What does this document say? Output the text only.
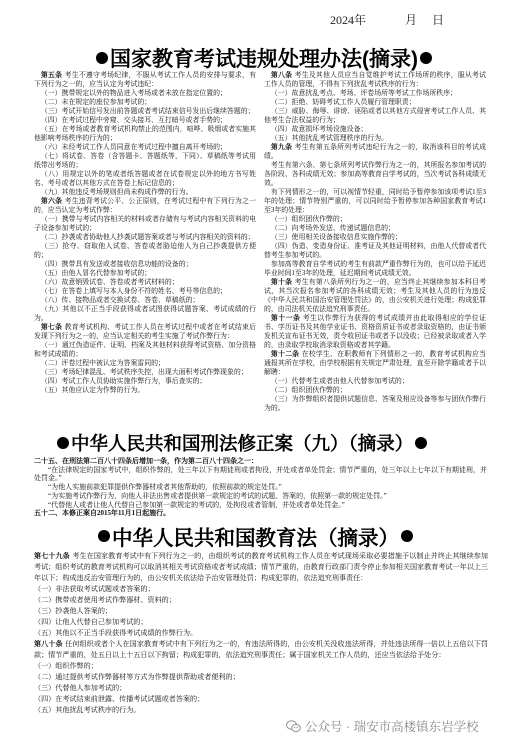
2024年	月 日
国家教育考试违规处理办法(摘录)

第五条 考生不遵守考场纪律，不服从考试工作人员的安排与要求，有下列行为之一的，应当认定为考试违纪：

（一）携带规定以外的物品进入考场或者未放在指定位置的；

（二）未在规定的座位参加考试的；

（三）考试开始信号发出前答题或者考试结束信号发出后继续答题的；

（四）在考试过程中旁窥、交头接耳、互打暗号或者手势的；

（五）在考场或者教育考试机构禁止的范围内，喧哗、吸烟或者实施其他影响考场秩序的行为的；

（六）未经考试工作人员同意在考试过程中擅自离开考场的；

（七）将试卷、答卷（含答题卡、答题纸等，下同）、草稿纸等考试用纸带出考场的；

（八）用规定以外的笔或者纸答题或者在试卷规定以外的地方书写姓名、考号或者以其他方式在答卷上标记信息的；

（九）其他违反考场规则但尚未构成作弊的行为。

第六条 考生违背考试公平、公正原则，在考试过程中有下列行为之一的，应当认定为考试作弊：

（一）携带与考试内容相关的材料或者存储有与考试内容相关资料的电子设备参加考试的；

（二）抄袭或者协助他人抄袭试题答案或者与考试内容相关的资料的；

（三）抢夺、窃取他人试卷、答卷或者胁迫他人为自己抄袭提供方便的；

（四）携带具有发送或者接收信息功能的设备的；

（五）由他人冒名代替参加考试的；

（六）故意销毁试卷、答卷或者考试材料的；

（七）在答卷上填写与本人身份不符的姓名、考号等信息的；

（八）传、接物品或者交换试卷、答卷、草稿纸的；

（九）其他以不正当手段获得或者试图获得试题答案、考试成绩的行为。

第七条 教育考试机构、考试工作人员在考试过程中或者在考试结束后发现下列行为之一的，应当认定相关的考生实施了考试作弊行为：

（一）通过伪造证件、证明、档案及其他材料获得考试资格、加分资格和考试成绩的；

（二）评卷过程中被认定为答案雷同的；

（三）考场纪律混乱、考试秩序失控，出现大面积考试作弊现象的；

（四）考试工作人员协助实施作弊行为，事后查实的；

（五）其他应认定为作弊的行为。

第八条 考生及其他人员应当自觉维护考试工作场所的秩序，服从考试工作人员的管理，不得有下列扰乱考试秩序的行为：

（一）故意扰乱考点、考场、评卷场所等考试工作场所秩序；

（二）拒绝、妨碍考试工作人员履行管理职责；

（三）威胁、侮辱、诽谤、诬陷或者以其他方式侵害考试工作人员、其他考生合法权益的行为；

（四）故意损坏考场设施设备；

（五）其他扰乱考试管理秩序的行为。

第九条 考生有第五条所列考试违纪行为之一的，取消该科目的考试成绩。

考生有第六条、第七条所列考试作弊行为之一的，其所报名参加考试的各阶段、各科成绩无效；参加高等教育自学考试的，当次考试各科成绩无效。

有下列情形之一的，可以视情节轻重，同时给予暂停参加该项考试1至3年的处理；情节特别严重的，可以同时给予暂停参加各种国家教育考试1至3年的处理：

（一）组织团伙作弊的；

（二）向考场外发送、传递试题信息的；

（三）使用相关设备接收信息实施作弊的；

（四）伪造、变造身份证、准考证及其他证明材料，由他人代替或者代替考生参加考试的。

参加高等教育自学考试的考生有前款严重作弊行为的，也可以给予延迟毕业时间1至3年的处理，延迟期间考试成绩无效。

第十条 考生有第八条所列行为之一的，应当终止其继续参加本科目考试，其当次报名参加考试的各科成绩无效；考生及其他人员的行为违反《中华人民共和国治安管理处罚法》的，由公安机关进行处理；构成犯罪的，由司法机关依法追究刑事责任。

第十一条 考生以作弊行为获得的考试成绩并由此取得相应的学位证书、学历证书及其他学业证书、资格资质证书或者录取资格的，由证书颁发机关宣布证书无效，责令收回证书或者予以没收；已经被录取或者入学的，由录取学校取消录取资格或者其学籍。

第十二条 在校学生、在职教师有下列情形之一的，教育考试机构应当通报其所在学校，由学校根据有关规定严肃处理，直至开除学籍或者予以解聘：

（一）代替考生或者由他人代替参加考试的；

（二）组织团伙作弊的；

（三）为作弊组织者提供试题信息、答案及相应设备等参与团伙作弊行为的。

中华人民共和国刑法修正案（九）（摘录）

二十五、在刑法第二百八十四条后增加一条，作为第二百八十四条之一：

“在法律规定的国家考试中，组织作弊的，处三年以下有期徒刑或者拘役，并处或者单处罚金；情节严重的，处三年以上七年以下有期徒刑，并处罚金。”

“为他人实施前款犯罪提供作弊器材或者其他帮助的，依照前款的规定处罚。”

“为实施考试作弊行为，向他人非法出售或者提供第一款规定的考试的试题、答案的，依照第一款的规定处罚。”

“代替他人或者让他人代替自己参加第一款规定的考试的，处拘役或者管制，并处或者单处罚金。”

五十二、本修正案自2015年11月1日起施行。

中华人民共和国教育法（摘录）

第七十九条 考生在国家教育考试中有下列行为之一的，由组织考试的教育考试机构工作人员在考试现场采取必要措施予以制止并终止其继续参加考试；组织考试的教育考试机构可以取消其相关考试资格或者考试成绩；情节严重的，由教育行政部门责令停止参加相关国家教育考试一年以上三年以下；构成违反治安管理行为的，由公安机关依法给予治安管理处罚；构成犯罪的，依法追究刑事责任：

（一）非法获取考试试题或者答案的；

（二）携带或者使用考试作弊器材、资料的；

（三）抄袭他人答案的；

（四）让他人代替自己参加考试的；

（五）其他以不正当手段获得考试成绩的作弊行为。

第八十条 任何组织或者个人在国家教育考试中有下列行为之一的，有违法所得的，由公安机关没收违法所得，并处违法所得一倍以上五倍以下罚款；情节严重的，处五日以上十五日以下拘留；构成犯罪的，依法追究刑事责任；属于国家机关工作人员的，还应当依法给予处分：

（一）组织作弊的；

（二）通过提供考试作弊器材等方式为作弊提供帮助或者便利的；

（三）代替他人参加考试的；

（四）在考试结束前泄露、传播考试试题或者答案的；

（五）其他扰乱考试秩序的行为。

公众号 · 瑞安市高楼镇东岩学校
